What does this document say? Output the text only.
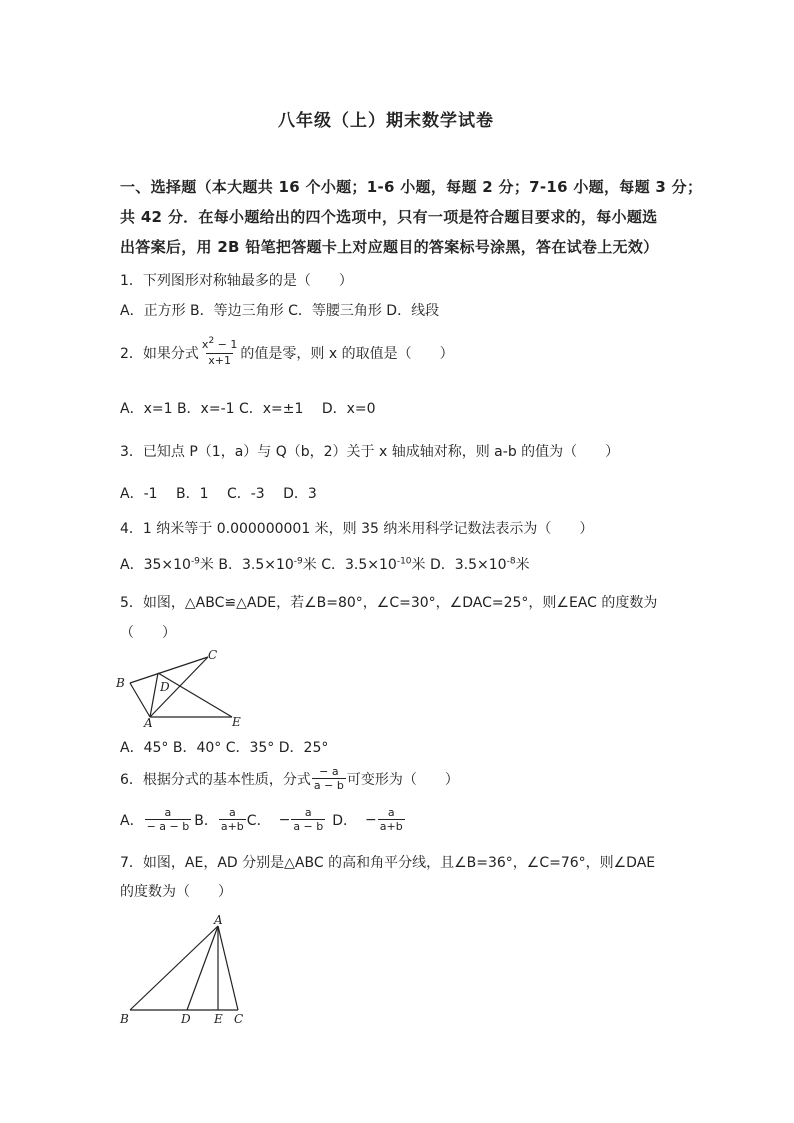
八年级（上）期末数学试卷
一、选择题（本大题共 16 个小题；1-6 小题，每题 2 分；7-16 小题，每题 3 分；
共 42 分．在每小题给出的四个选项中，只有一项是符合题目要求的，每小题选
出答案后，用 2B 铅笔把答题卡上对应题目的答案标号涂黑，答在试卷上无效）
1．下列图形对称轴最多的是（　　）
A．正方形 B．等边三角形 C．等腰三角形 D．线段
2．如果分式 $\frac{x^2 - 1}{x+1}$ 的值是零，则 x 的取值是（　　）
A．x=1 B．x=-1 C．x=±1　 D．x=0
3．已知点 P（1，a）与 Q（b，2）关于 x 轴成轴对称，则 a-b 的值为（　　）
A．-1　 B．1　 C．-3　 D．3
4．1 纳米等于 0.000000001 米，则 35 纳米用科学记数法表示为（　　）
A．$35\times 10^{-9}$米 B．$3.5\times 10^{-9}$米 C．$3.5\times 10^{-10}$米 D．$3.5\times 10^{-8}$米
5．如图，△ABC≌△ADE，若∠B=80°，∠C=30°，∠DAC=25°，则∠EAC 的度数为
（　　）
B
C
D
A	E
A．45° B．40° C．35° D．25°
6．根据分式的基本性质，分式 $\frac{- a}{a - b}$ 可变形为（　　）
A． $\frac{a}{- a - b}$ B． $\frac{a}{a+b}$ C． − $\frac{a}{a - b}$ D． − $\frac{a}{a+b}$
7．如图，AE，AD 分别是△ABC 的高和角平分线，且∠B=36°，∠C=76°，则∠DAE
的度数为（　　）
A
B	D E C
